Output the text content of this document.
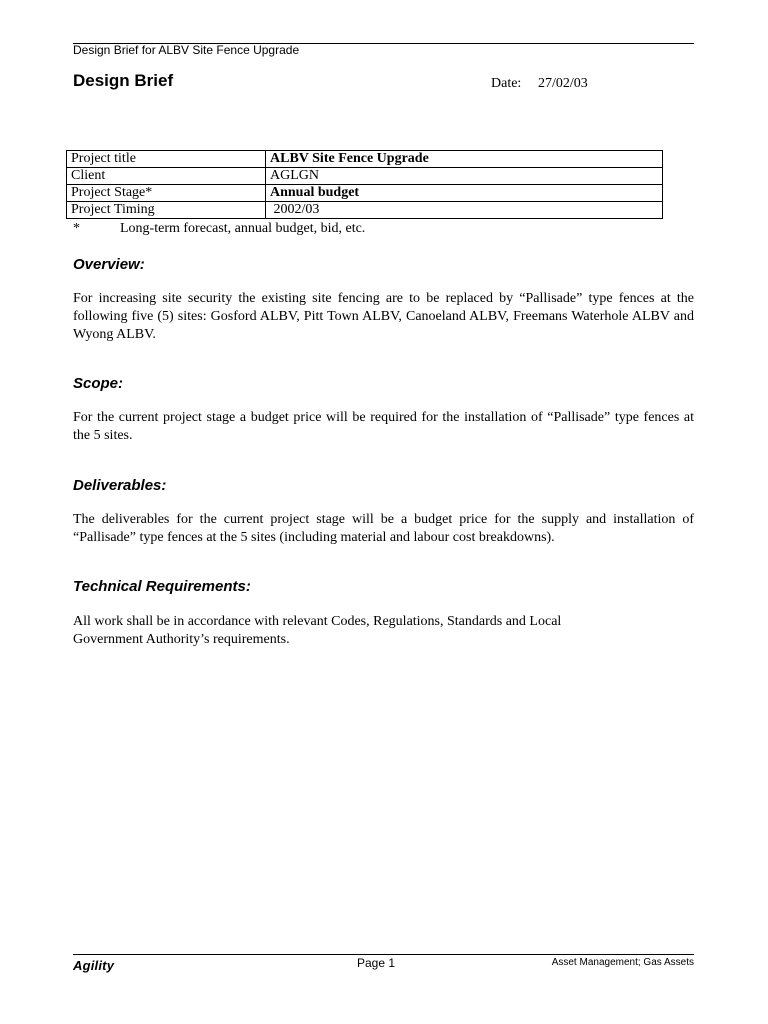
Design Brief for ALBV Site Fence Upgrade
Design Brief	Date: 27/02/03
Project title	ALBV Site Fence Upgrade
Client	AGLGN
Project Stage*	Annual budget
Project Timing	2002/03
*	Long-term forecast, annual budget, bid, etc.
Overview:

For increasing site security the existing site fencing are to be replaced by “Pallisade” type fences at the following five (5) sites: Gosford ALBV, Pitt Town ALBV, Canoeland ALBV, Freemans Waterhole ALBV and Wyong ALBV.

Scope:

For the current project stage a budget price will be required for the installation of “Pallisade” type fences at the 5 sites.

Deliverables:

The deliverables for the current project stage will be a budget price for the supply and installation of “Pallisade” type fences at the 5 sites (including material and labour cost breakdowns).

Technical Requirements:
All work shall be in accordance with relevant Codes, Regulations, Standards and Local
Government Authority’s requirements.
Agility	Page 1	Asset Management; Gas Assets
